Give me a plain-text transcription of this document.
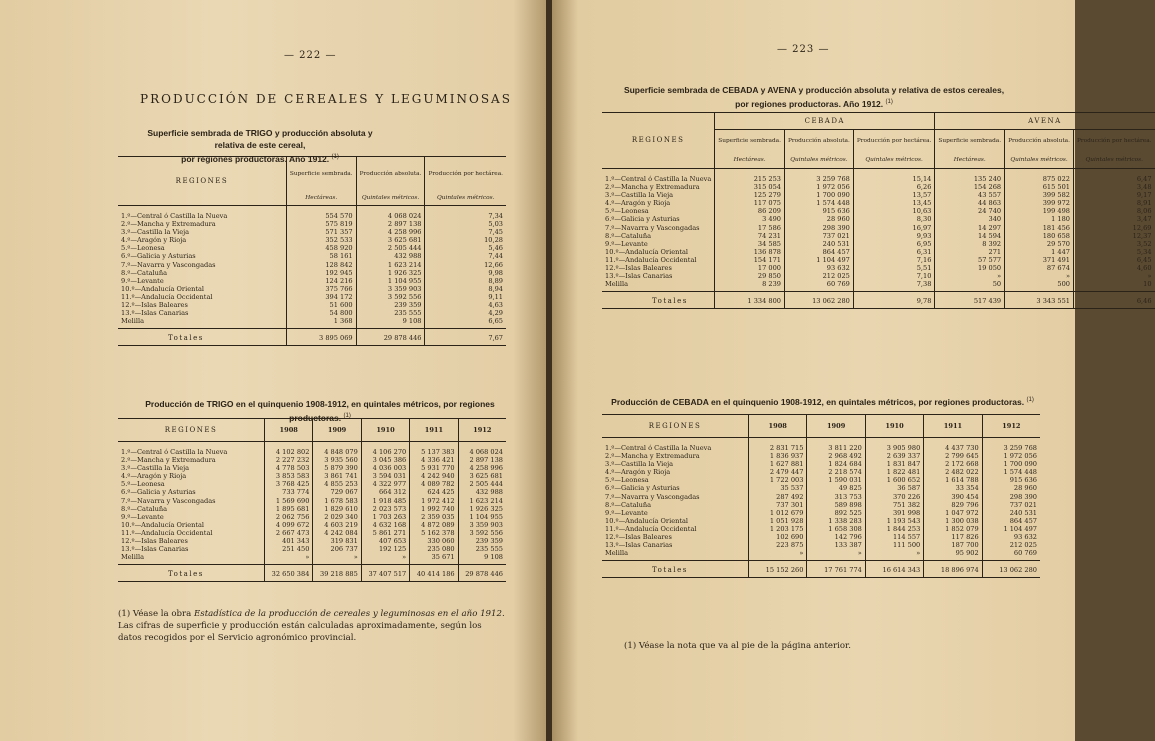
— 222 —
PRODUCCIÓN DE CEREALES Y LEGUMINOSAS
Superficie sembrada de TRIGO y producción absoluta y relativa de este cereal,
por regiones productoras. Año 1912. $^{(1)}$
REGIONES	Superficie sembrada.	Producción absoluta.	Producción por hectárea.
	Hectáreas.	Quintales métricos.	Quintales métricos.
1.º—Central ó Castilla la Nueva	554 570	4 068 024	7,34
2.º—Mancha y Extremadura	575 819	2 897 138	5,03
3.º—Castilla la Vieja	571 357	4 258 996	7,45
4.º—Aragón y Rioja	352 533	3 625 681	10,28
5.º—Leonesa	458 920	2 505 444	5,46
6.º—Galicia y Asturias	58 161	432 988	7,44
7.º—Navarra y Vascongadas	128 842	1 623 214	12,66
8.º—Cataluña	192 945	1 926 325	9,98
9.º—Levante	124 216	1 104 955	8,89
10.º—Andalucía Oriental	375 766	3 359 903	8,94
11.º—Andalucía Occidental	394 172	3 592 556	9,11
12.º—Islas Baleares	51 600	239 359	4,63
13.º—Islas Canarias	54 800	235 555	4,29
Melilla	1 368	9 108	6,65
Totales	3 895 069	29 878 446	7,67
Producción de TRIGO en el quinquenio 1908-1912, en quintales métricos, por regiones productoras. $^{(1)}$
REGIONES	1908	1909	1910	1911	1912
1.º—Central ó Castilla la Nueva	4 102 802	4 848 079	4 106 270	5 137 383	4 068 024
2.º—Mancha y Extremadura	2 227 232	3 935 560	3 045 386	4 336 421	2 897 138
3.º—Castilla la Vieja	4 778 503	5 879 390	4 036 003	5 931 770	4 258 996
4.º—Aragón y Rioja	3 853 583	3 861 741	3 594 031	4 242 940	3 625 681
5.º—Leonesa	3 768 425	4 855 253	4 322 977	4 089 782	2 505 444
6.º—Galicia y Asturias	733 774	729 067	664 312	624 425	432 988
7.º—Navarra y Vascongadas	1 569 690	1 678 583	1 918 485	1 972 412	1 623 214
8.º—Cataluña	1 895 681	1 829 610	2 023 573	1 992 740	1 926 325
9.º—Levante	2 062 756	2 029 340	1 703 263	2 359 035	1 104 955
10.º—Andalucía Oriental	4 099 672	4 603 219	4 632 168	4 872 089	3 359 903
11.º—Andalucía Occidental	2 667 473	4 242 084	5 861 271	5 162 378	3 592 556
12.º—Islas Baleares	401 343	319 831	407 653	330 060	239 359
13.º—Islas Canarias	251 450	206 737	192 125	235 080	235 555
Melilla	»	»	»	35 671	9 108
Totales	32 650 384	39 218 885	37 407 517	40 414 186	29 878 446
(1) Véase la obra Estadística de la producción de cereales y leguminosas en el año 1912. Las cifras de superficie y producción están calculadas aproximadamente, según los datos recogidos por el Servicio agronómico provincial.
— 223 —
Superficie sembrada de CEBADA y AVENA y producción absoluta y relativa de estos cereales,
por regiones productoras. Año 1912. $^{(1)}$
REGIONES	CEBADA			AVENA		
	Superficie sembrada.	Producción absoluta.	Producción por hectárea.	Superficie sembrada.	Producción absoluta.	Producción por hectárea.
	Hectáreas.	Quintales métricos.	Quintales métricos.	Hectáreas.	Quintales métricos.	Quintales métricos.
1.º—Central ó Castilla la Nueva	215 253	3 259 768	15,14	135 240	875 022	6,47
2.º—Mancha y Extremadura	315 054	1 972 056	6,26	154 268	615 501	3,48
3.º—Castilla la Vieja	125 279	1 700 090	13,57	43 557	399 582	9,17
4.º—Aragón y Rioja	117 075	1 574 448	13,45	44 863	399 972	8,91
5.º—Leonesa	86 209	915 636	10,63	24 740	199 498	8,06
6.º—Galicia y Asturias	3 490	28 960	8,30	340	1 180	3,47
7.º—Navarra y Vascongadas	17 586	298 390	16,97	14 297	181 456	12,69
8.º—Cataluña	74 231	737 021	9,93	14 594	180 658	12,37
9.º—Levante	34 585	240 531	6,95	8 392	29 570	3,52
10.º—Andalucía Oriental	136 878	864 457	6,31	271	1 447	5,34
11.º—Andalucía Occidental	154 171	1 104 497	7,16	57 577	371 491	6,45
12.º—Islas Baleares	17 000	93 632	5,51	19 050	87 674	4,60
13.º—Islas Canarias	29 850	212 025	7,10	»	»	»
Melilla	8 239	60 769	7,38	50	500	10
Totales	1 334 800	13 062 280	9,78	517 439	3 343 551	6,46
Producción de CEBADA en el quinquenio 1908-1912, en quintales métricos, por regiones productoras. $^{(1)}$
REGIONES	1908	1909	1910	1911	1912
1.º—Central ó Castilla la Nueva	2 831 715	3 811 220	3 905 980	4 437 730	3 259 768
2.º—Mancha y Extremadura	1 836 937	2 968 492	2 639 337	2 799 645	1 972 056
3.º—Castilla la Vieja	1 627 881	1 824 684	1 831 847	2 172 668	1 700 090
4.º—Aragón y Rioja	2 479 447	2 218 574	1 822 481	2 482 022	1 574 448
5.º—Leonesa	1 722 003	1 590 031	1 600 652	1 614 788	915 636
6.º—Galicia y Asturias	35 537	49 825	36 587	33 354	28 960
7.º—Navarra y Vascongadas	287 492	313 753	370 226	390 454	298 390
8.º—Cataluña	737 301	589 898	751 382	829 796	737 021
9.º—Levante	1 012 679	892 525	391 998	1 047 972	240 531
10.º—Andalucía Oriental	1 051 928	1 338 283	1 193 543	1 300 038	864 457
11.º—Andalucía Occidental	1 203 175	1 658 308	1 844 253	1 852 079	1 104 497
12.º—Islas Baleares	102 690	142 796	114 557	117 826	93 632
13.º—Islas Canarias	223 875	133 387	111 500	187 700	212 025
Melilla	»	»	»	95 902	60 769
Totales	15 152 260	17 761 774	16 614 343	18 896 974	13 062 280
(1) Véase la nota que va al pie de la página anterior.
